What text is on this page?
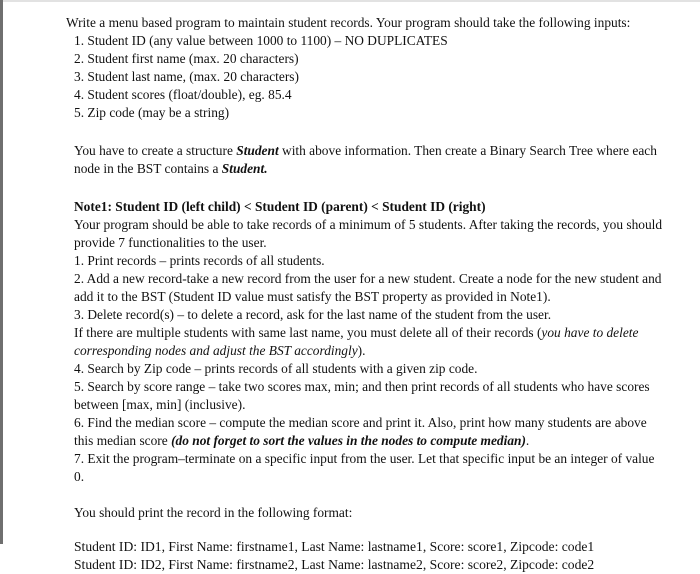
Write a menu based program to maintain student records. Your program should take the following inputs:

1. Student ID (any value between 1000 to 1100) – NO DUPLICATES
2. Student first name (max. 20 characters)
3. Student last name, (max. 20 characters)
4. Student scores (float/double), eg. 85.4
5. Zip code (may be a string)

You have to create a structure Student with above information. Then create a Binary Search Tree where each node in the BST contains a Student.

Note1: Student ID (left child) < Student ID (parent) < Student ID (right)
Your program should be able to take records of a minimum of 5 students. After taking the records, you should provide 7 functionalities to the user.
1. Print records – prints records of all students.
2. Add a new record-take a new record from the user for a new student. Create a node for the new student and add it to the BST (Student ID value must satisfy the BST property as provided in Note1).
3. Delete record(s) – to delete a record, ask for the last name of the student from the user.
If there are multiple students with same last name, you must delete all of their records (you have to delete corresponding nodes and adjust the BST accordingly).
4. Search by Zip code – prints records of all students with a given zip code.
5. Search by score range – take two scores max, min; and then print records of all students who have scores between [max, min] (inclusive).
6. Find the median score – compute the median score and print it. Also, print how many students are above this median score (do not forget to sort the values in the nodes to compute median).
7. Exit the program–terminate on a specific input from the user. Let that specific input be an integer of value 0.

You should print the record in the following format:

Student ID: ID1, First Name: firstname1, Last Name: lastname1, Score: score1, Zipcode: code1
Student ID: ID2, First Name: firstname2, Last Name: lastname2, Score: score2, Zipcode: code2
